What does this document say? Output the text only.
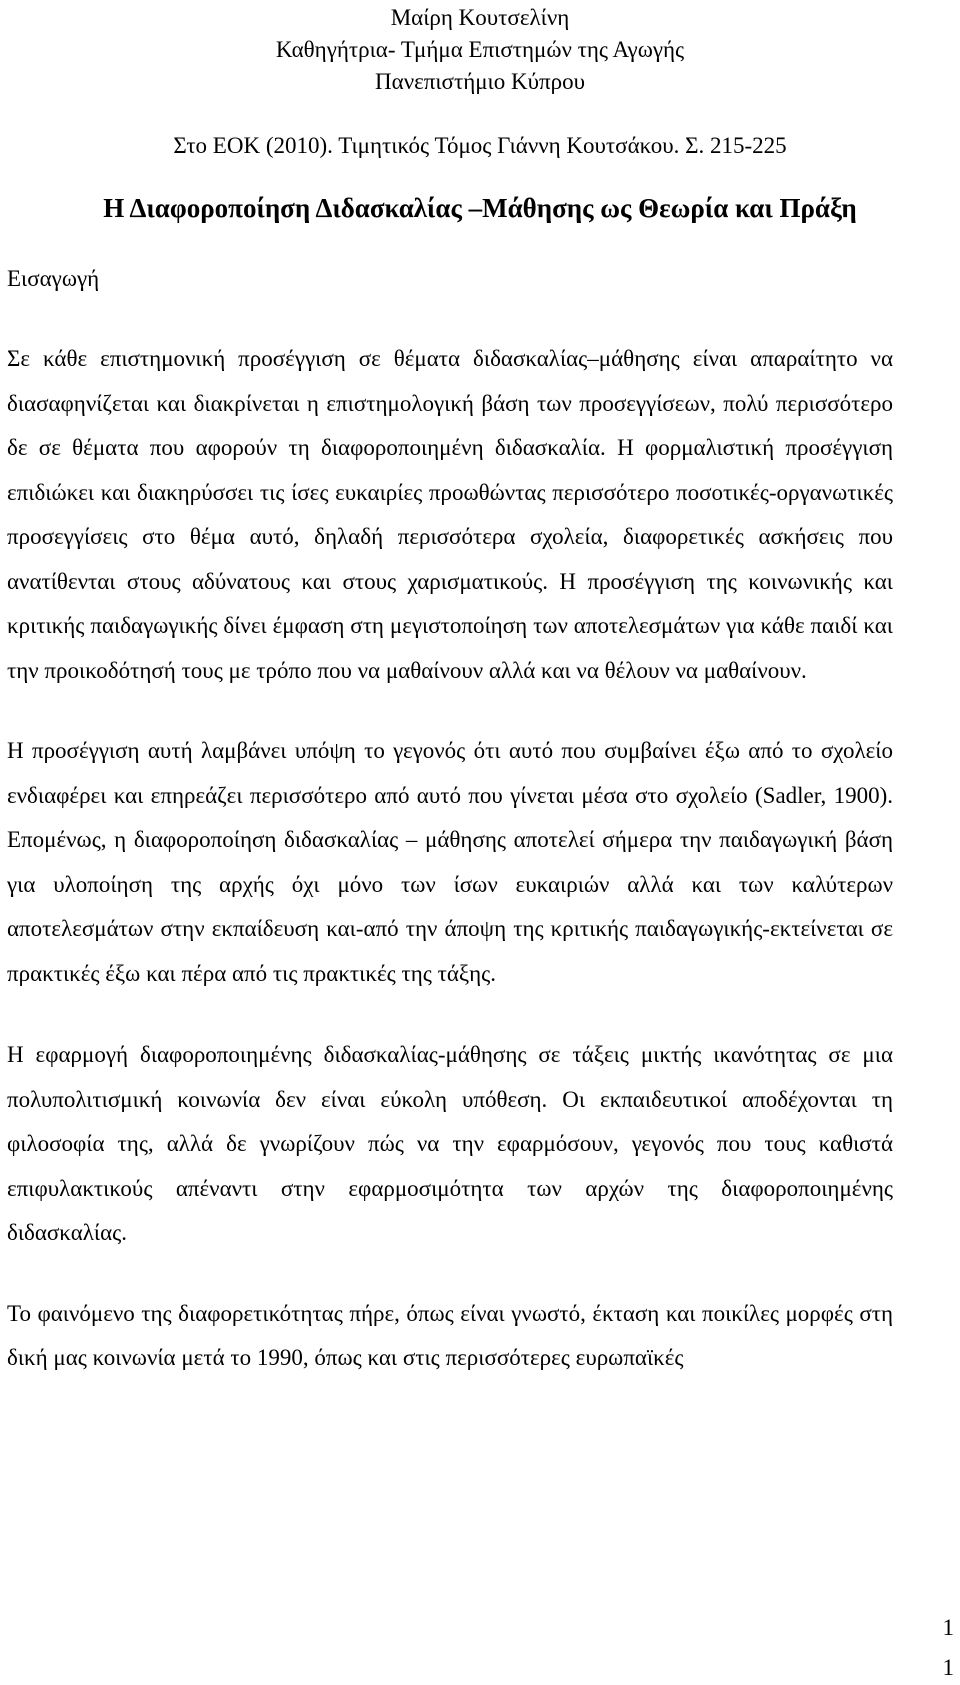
Μαίρη Κουτσελίνη
Καθηγήτρια- Τμήμα Επιστημών της Αγωγής
Πανεπιστήμιο Κύπρου
Στο ΕΟΚ (2010). Τιμητικός Τόμος Γιάννη Κουτσάκου. Σ. 215-225
Η Διαφοροποίηση Διδασκαλίας –Μάθησης ως Θεωρία και Πράξη
Εισαγωγή

Σε κάθε επιστημονική προσέγγιση σε θέματα διδασκαλίας–μάθησης είναι απαραίτητο να διασαφηνίζεται και διακρίνεται η επιστημολογική βάση των προσεγγίσεων, πολύ περισσότερο δε σε θέματα που αφορούν τη διαφοροποιημένη διδασκαλία. Η φορμαλιστική προσέγγιση επιδιώκει και διακηρύσσει τις ίσες ευκαιρίες προωθώντας περισσότερο ποσοτικές-οργανωτικές προσεγγίσεις στο θέμα αυτό, δηλαδή περισσότερα σχολεία, διαφορετικές ασκήσεις που ανατίθενται στους αδύνατους και στους χαρισματικούς. Η προσέγγιση της κοινωνικής και κριτικής παιδαγωγικής δίνει έμφαση στη μεγιστοποίηση των αποτελεσμάτων για κάθε παιδί και την προικοδότησή τους με τρόπο που να μαθαίνουν αλλά και να θέλουν να μαθαίνουν.

Η προσέγγιση αυτή λαμβάνει υπόψη το γεγονός ότι αυτό που συμβαίνει έξω από το σχολείο ενδιαφέρει και επηρεάζει περισσότερο από αυτό που γίνεται μέσα στο σχολείο (Sadler, 1900). Επομένως, η διαφοροποίηση διδασκαλίας – μάθησης αποτελεί σήμερα την παιδαγωγική βάση για υλοποίηση της αρχής όχι μόνο των ίσων ευκαιριών αλλά και των καλύτερων αποτελεσμάτων στην εκπαίδευση και-από την άποψη της κριτικής παιδαγωγικής-εκτείνεται σε πρακτικές έξω και πέρα από τις πρακτικές της τάξης.

Η εφαρμογή διαφοροποιημένης διδασκαλίας-μάθησης σε τάξεις μικτής ικανότητας σε μια πολυπολιτισμική κοινωνία δεν είναι εύκολη υπόθεση. Οι εκπαιδευτικοί αποδέχονται τη φιλοσοφία της, αλλά δε γνωρίζουν πώς να την εφαρμόσουν, γεγονός που τους καθιστά επιφυλακτικούς απέναντι στην εφαρμοσιμότητα των αρχών της διαφοροποιημένης διδασκαλίας.

Το φαινόμενο της διαφορετικότητας πήρε, όπως είναι γνωστό, έκταση και ποικίλες μορφές στη δική μας κοινωνία μετά το 1990, όπως και στις περισσότερες ευρωπαϊκές

1
1
